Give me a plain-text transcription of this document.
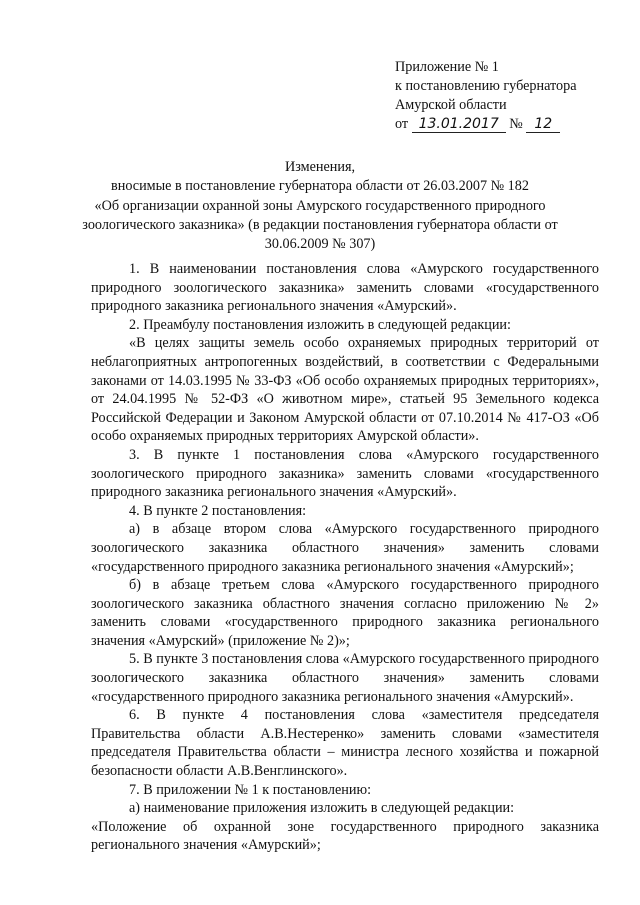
Приложение № 1
к постановлению губернатора
Амурской области
от 13.01.2017 № 12
Изменения,
вносимые в постановление губернатора области от 26.03.2007 № 182
«Об организации охранной зоны Амурского государственного природного
зоологического заказника» (в редакции постановления губернатора области от
30.06.2009 № 307)

1. В наименовании постановления слова «Амурского государственного природного зоологического заказника» заменить словами «государственного природного заказника регионального значения «Амурский».

2. Преамбулу постановления изложить в следующей редакции:

«В целях защиты земель особо охраняемых природных территорий от неблагоприятных антропогенных воздействий, в соответствии с Федеральными законами от 14.03.1995 № 33-ФЗ «Об особо охраняемых природных территориях», от 24.04.1995 № 52-ФЗ «О животном мире», статьей 95 Земельного кодекса Российской Федерации и Законом Амурской области от 07.10.2014 № 417-ОЗ «Об особо охраняемых природных территориях Амурской области».

3. В пункте 1 постановления слова «Амурского государственного зоологического природного заказника» заменить словами «государственного природного заказника регионального значения «Амурский».

4. В пункте 2 постановления:

а) в абзаце втором слова «Амурского государственного природного зоологического заказника областного значения» заменить словами «государственного природного заказника регионального значения «Амурский»;

б) в абзаце третьем слова «Амурского государственного природного зоологического заказника областного значения согласно приложению № 2» заменить словами «государственного природного заказника регионального значения «Амурский» (приложение № 2)»;

5. В пункте 3 постановления слова «Амурского государственного природного зоологического заказника областного значения» заменить словами «государственного природного заказника регионального значения «Амурский».

6. В пункте 4 постановления слова «заместителя председателя Правительства области А.В.Нестеренко» заменить словами «заместителя председателя Правительства области – министра лесного хозяйства и пожарной безопасности области А.В.Венглинского».

7. В приложении № 1 к постановлению:

а) наименование приложения изложить в следующей редакции:

«Положение об охранной зоне государственного природного заказника регионального значения «Амурский»;
